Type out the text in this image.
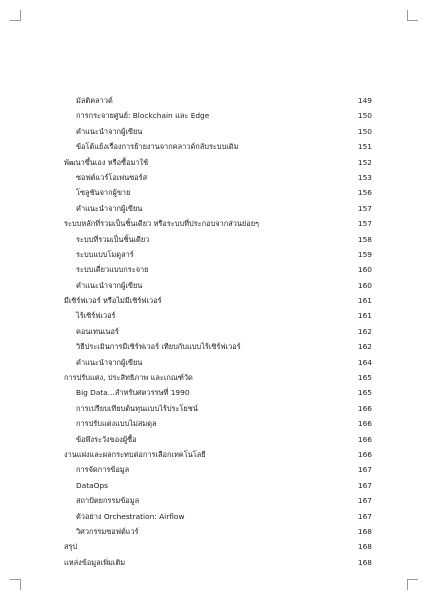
มัลติคลาวด์	149
การกระจายศูนย์: Blockchain และ Edge	150
คำแนะนำจากผู้เขียน	150
ข้อโต้แย้งเรื่องการย้ายงานจากคลาวด์กลับระบบเดิม	151
พัฒนาขึ้นเอง หรือซื้อมาใช้	152
ซอฟต์แวร์โอเพ่นซอร์ส	153
โซลูชันจากผู้ขาย	156
คำแนะนำจากผู้เขียน	157
ระบบหลักที่รวมเป็นชิ้นเดียว หรือระบบที่ประกอบจากส่วนย่อยๆ	157
ระบบที่รวมเป็นชิ้นเดียว	158
ระบบแบบโมดูลาร์	159
ระบบเดี่ยวแบบกระจาย	160
คำแนะนำจากผู้เขียน	160
มีเซิร์ฟเวอร์ หรือไม่มีเซิร์ฟเวอร์	161
ไร้เซิร์ฟเวอร์	161
คอนเทนเนอร์	162
วิธีประเมินการมีเซิร์ฟเวอร์ เทียบกับแบบไร้เซิร์ฟเวอร์	162
คำแนะนำจากผู้เขียน	164
การปรับแต่ง, ประสิทธิภาพ และเกณฑ์วัด	165
Big Data...สำหรับศตวรรษที่ 1990	165
การเปรียบเทียบต้นทุนแบบไร้ประโยชน์	166
การปรับแต่งแบบไม่สมดุล	166
ข้อพึงระวังของผู้ซื้อ	166
งานแฝงและผลกระทบต่อการเลือกเทคโนโลยี	166
การจัดการข้อมูล	167
DataOps	167
สถาปัตยกรรมข้อมูล	167
ตัวอย่าง Orchestration: Airflow	167
วิศวกรรมซอฟต์แวร์	168
สรุป	168
แหล่งข้อมูลเพิ่มเติม	168
